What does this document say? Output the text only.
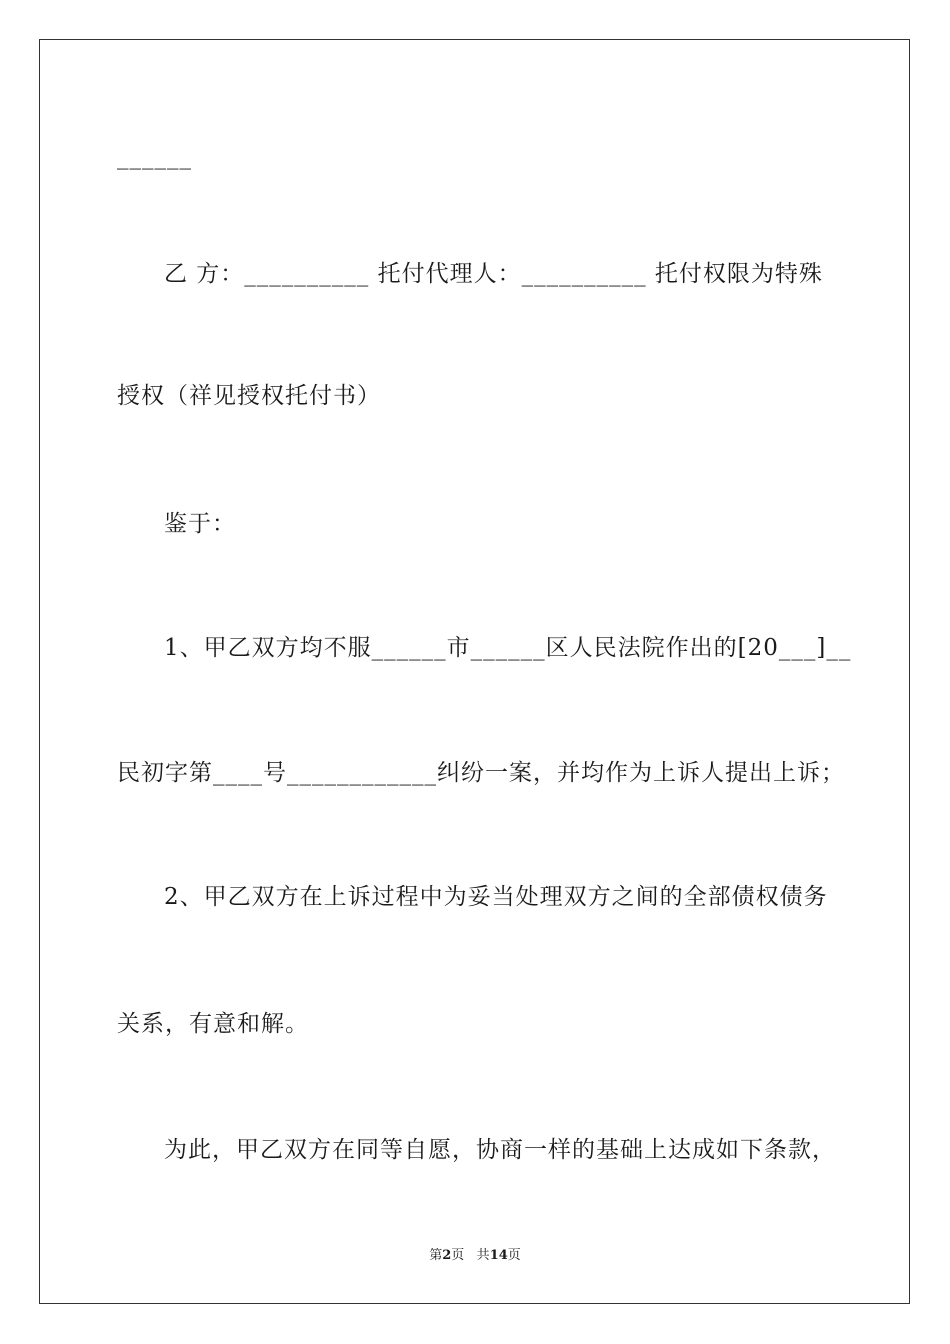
______
乙 方：__________ 托付代理人：__________ 托付权限为特殊
授权（祥见授权托付书）
鉴于：
1、甲乙双方均不服______市______区人民法院作出的[20___]__
民初字第____号____________纠纷一案，并均作为上诉人提出上诉；
2、甲乙双方在上诉过程中为妥当处理双方之间的全部债权债务
关系，有意和解。
为此，甲乙双方在同等自愿，协商一样的基础上达成如下条款，
第2页 共14页
